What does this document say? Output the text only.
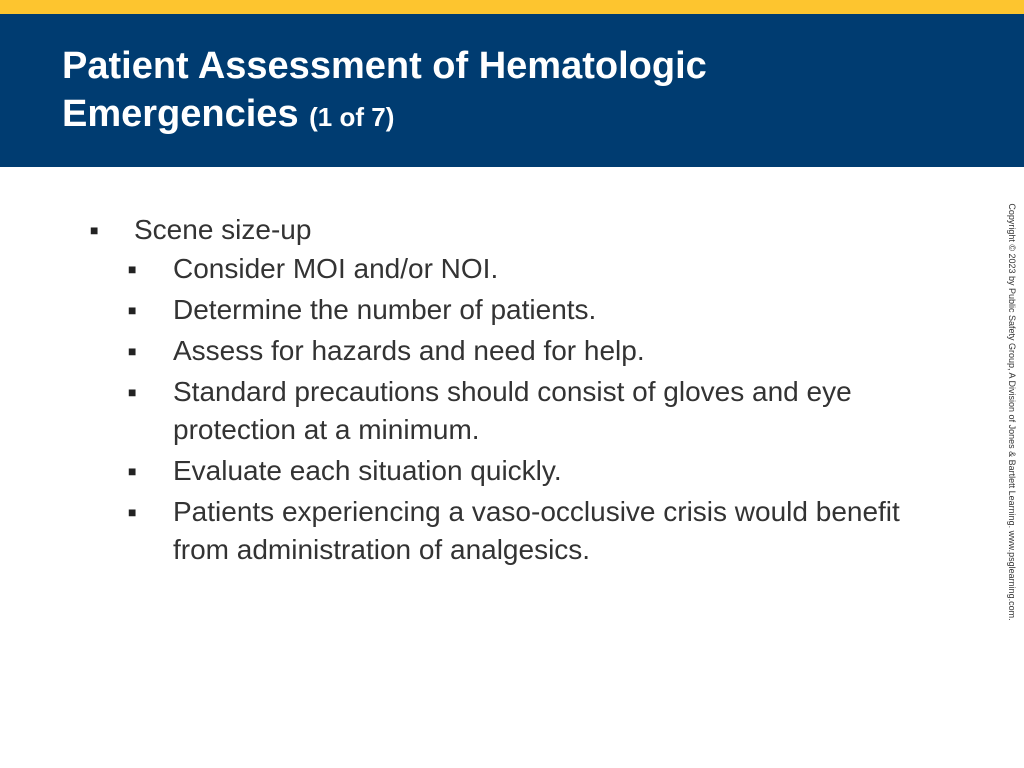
Patient Assessment of Hematologic Emergencies (1 of 7)
■ Scene size-up
■ Consider MOI and/or NOI.
■ Determine the number of patients.
■ Assess for hazards and need for help.
■ Standard precautions should consist of gloves and eye protection at a minimum.
■ Evaluate each situation quickly.
■ Patients experiencing a vaso-occlusive crisis would benefit from administration of analgesics.	Copyright © 2023 by Public Safety Group, A Division of Jones & Bartlett Learning. www.psglearning.com.
